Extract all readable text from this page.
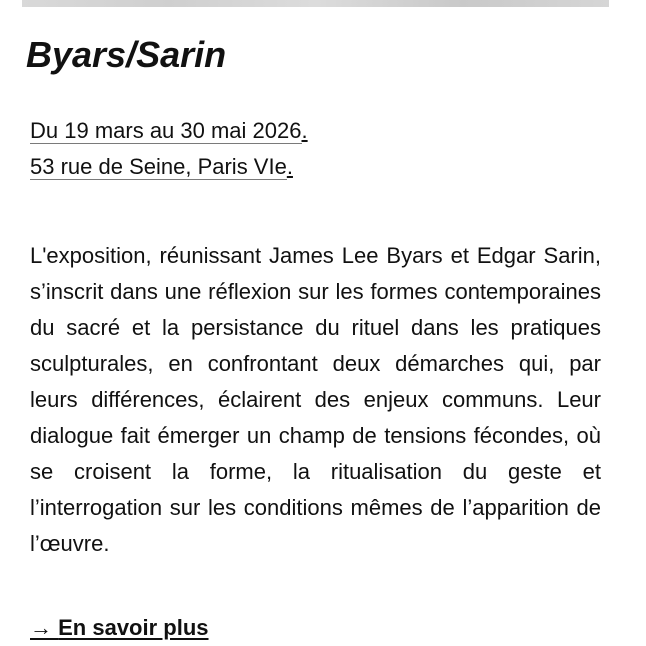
Byars/Sarin
Du 19 mars au 30 mai 2026.
53 rue de Seine, Paris VIe.

L'exposition, réunissant James Lee Byars et Edgar Sarin, s’inscrit dans une réflexion sur les formes contemporaines du sacré et la persistance du rituel dans les pratiques sculpturales, en confrontant deux démarches qui, par leurs différences, éclairent des enjeux communs. Leur dialogue fait émerger un champ de tensions fécondes, où se croisent la forme, la ritualisation du geste et l’interrogation sur les conditions mêmes de l’apparition de l’œuvre.

→ En savoir plus
